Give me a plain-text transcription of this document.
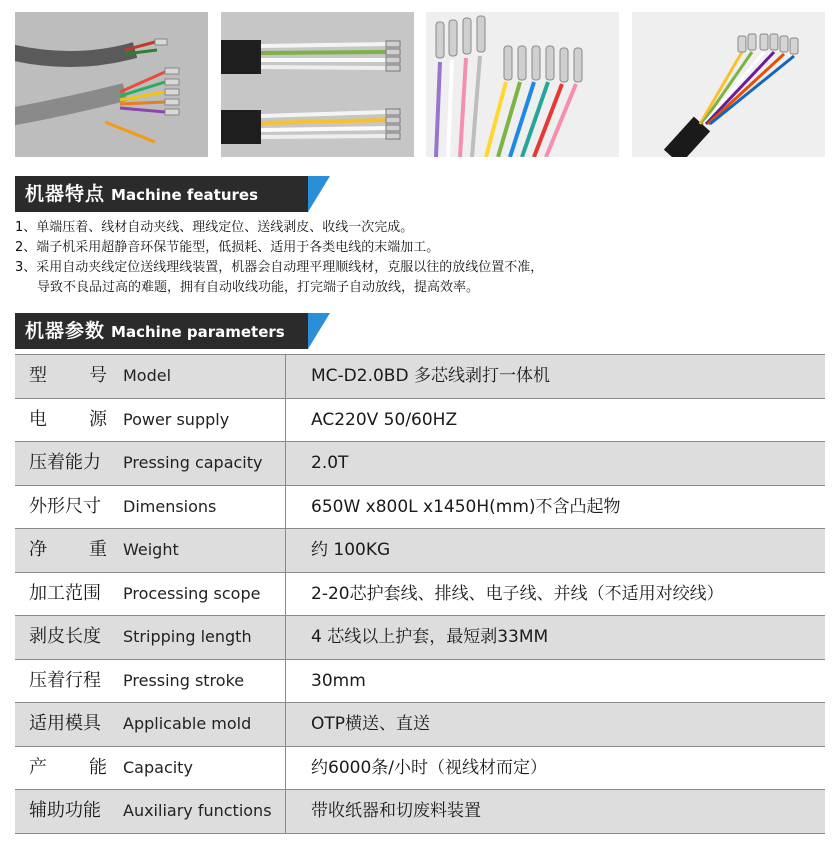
机器特点 Machine features
1、单端压着、线材自动夹线、理线定位、送线剥皮、收线一次完成。
2、端子机采用超静音环保节能型，低损耗、适用于各类电线的末端加工。
3、采用自动夹线定位送线理线装置，机器会自动理平理顺线材，克服以往的放线位置不准，
导致不良品过高的难题，拥有自动收线功能，打完端子自动放线，提高效率。
机器参数 Machine parameters
型 号 Model	MC-D2.0BD 多芯线剥打一体机
电 源 Power supply	AC220V 50/60HZ
压着能力	Pressing capacity	2.0T
外形尺寸	Dimensions	650W x800L x1450H(mm)不含凸起物
净 重 Weight	约 100KG
加工范围	Processing scope	2-20芯护套线、排线、电子线、并线（不适用对绞线）
剥皮长度	Stripping length	4 芯线以上护套，最短剥33MM
压着行程	Pressing stroke	30mm
适用模具	Applicable mold	OTP横送、直送
产 能 Capacity	约6000条/小时（视线材而定）
辅助功能	Auxiliary functions 带收纸器和切废料装置
